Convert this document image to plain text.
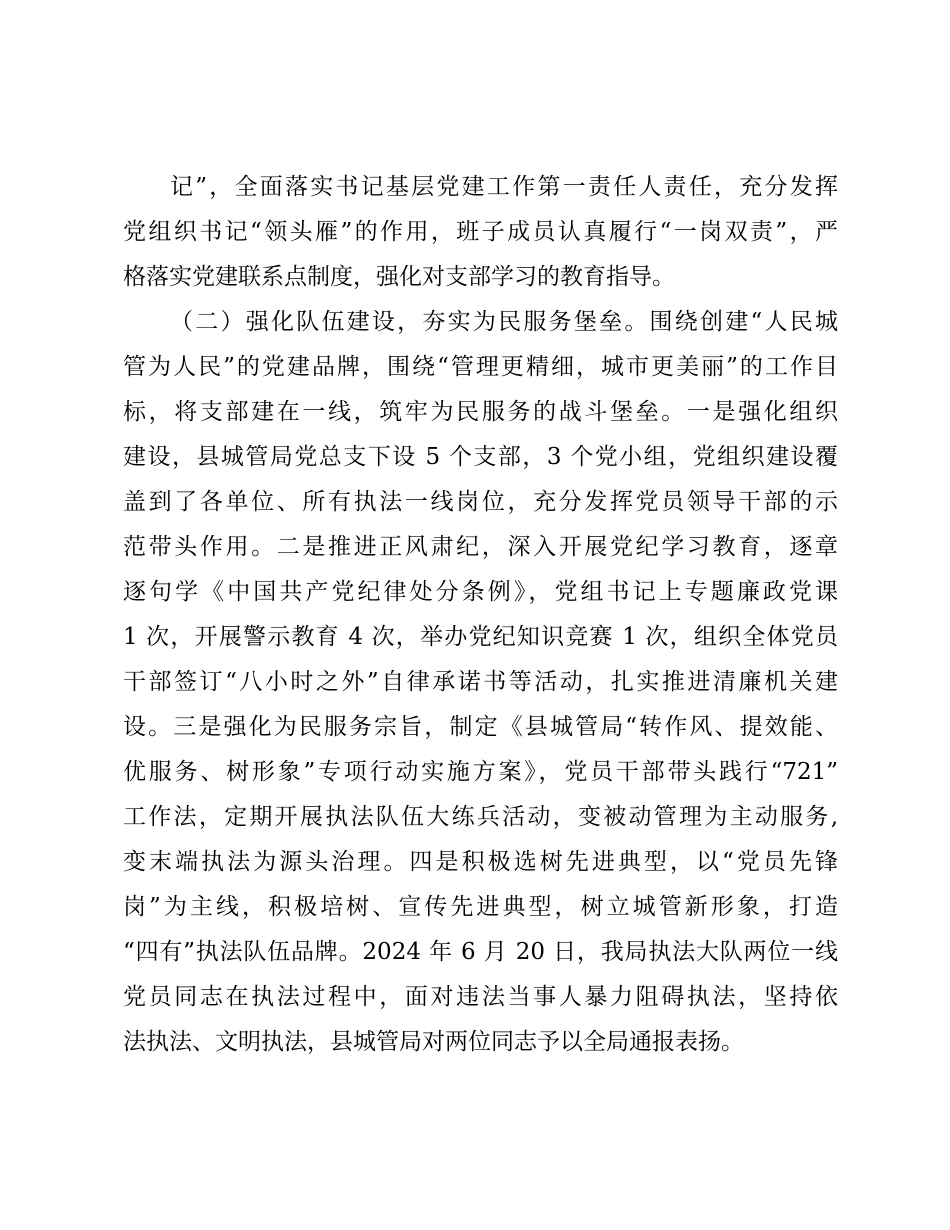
记”，全面落实书记基层党建工作第一责任人责任，充分发挥
党组织书记“领头雁”的作用，班子成员认真履行“一岗双责”，严
格落实党建联系点制度，强化对支部学习的教育指导。
（二）强化队伍建设，夯实为民服务堡垒。围绕创建“人民城
管为人民”的党建品牌，围绕“管理更精细，城市更美丽”的工作目
标，将支部建在一线，筑牢为民服务的战斗堡垒。一是强化组织
建设，县城管局党总支下设 5 个支部，3 个党小组，党组织建设覆
盖到了各单位、所有执法一线岗位，充分发挥党员领导干部的示
范带头作用。二是推进正风肃纪，深入开展党纪学习教育，逐章
逐句学《中国共产党纪律处分条例》，党组书记上专题廉政党课
1 次，开展警示教育 4 次，举办党纪知识竞赛 1 次，组织全体党员
干部签订“八小时之外”自律承诺书等活动，扎实推进清廉机关建
设。三是强化为民服务宗旨，制定《县城管局“转作风、提效能、
优服务、树形象”专项行动实施方案》，党员干部带头践行“721”
工作法，定期开展执法队伍大练兵活动，变被动管理为主动服务,
变末端执法为源头治理。四是积极选树先进典型，以“党员先锋
岗”为主线，积极培树、宣传先进典型，树立城管新形象，打造
“四有”执法队伍品牌。2024 年 6 月 20 日，我局执法大队两位一线
党员同志在执法过程中，面对违法当事人暴力阻碍执法，坚持依
法执法、文明执法，县城管局对两位同志予以全局通报表扬。
